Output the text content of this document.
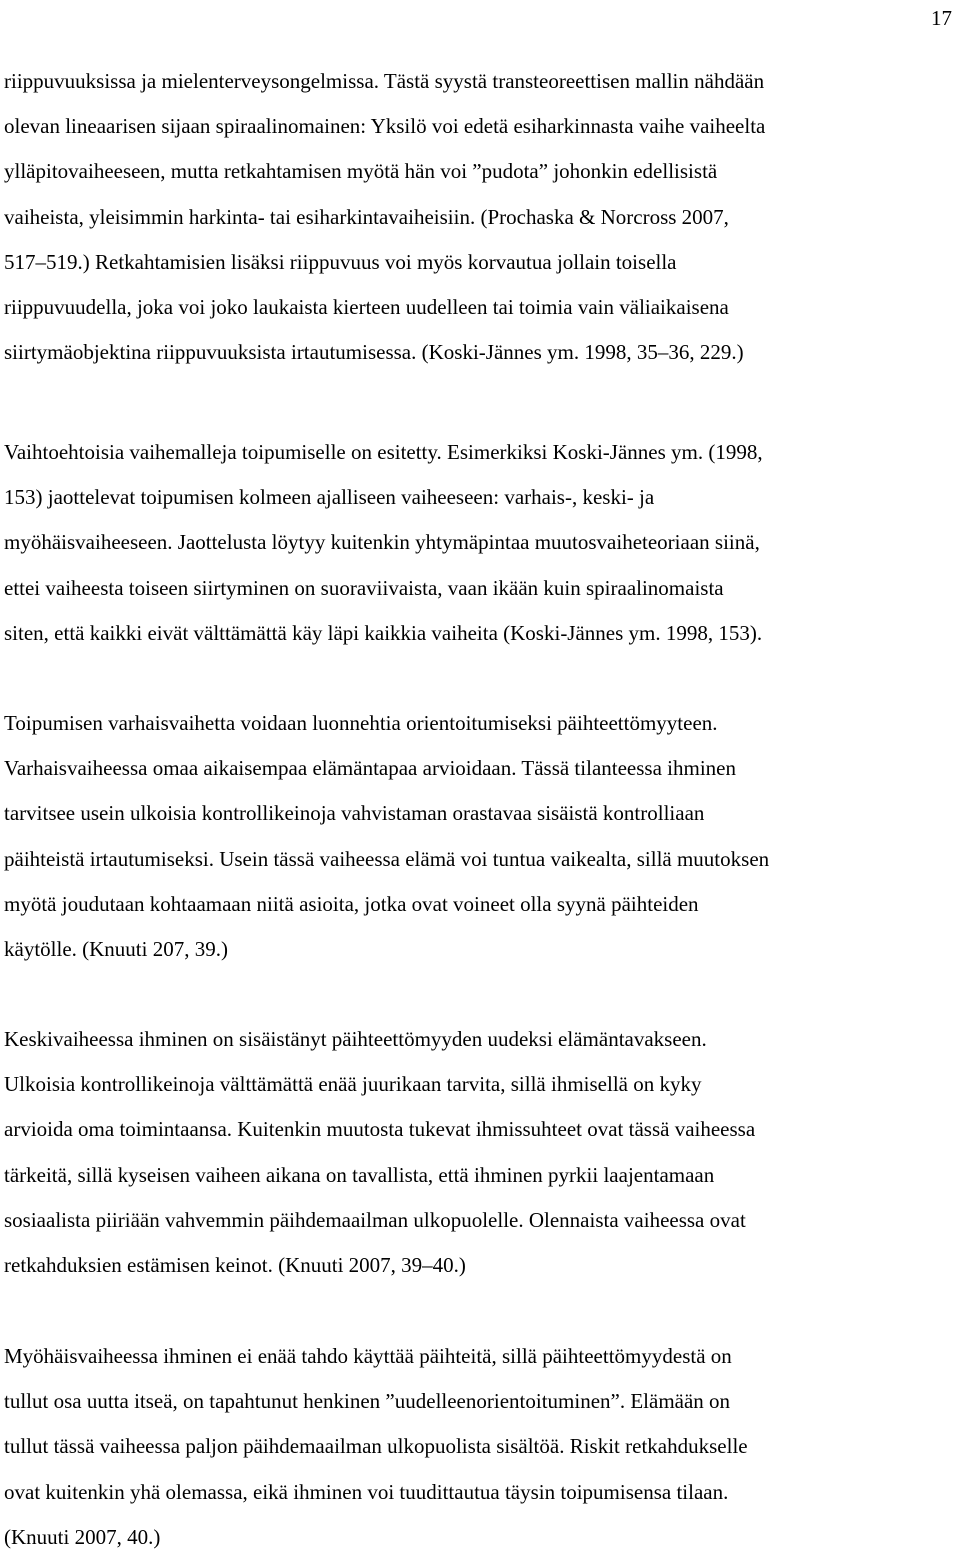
17
riippuvuuksissa ja mielenterveysongelmissa. Tästä syystä transteoreettisen mallin nähdään
olevan lineaarisen sijaan spiraalinomainen: Yksilö voi edetä esiharkinnasta vaihe vaiheelta
ylläpitovaiheeseen, mutta retkahtamisen myötä hän voi ”pudota” johonkin edellisistä
vaiheista, yleisimmin harkinta- tai esiharkintavaiheisiin. (Prochaska & Norcross 2007,
517–519.) Retkahtamisien lisäksi riippuvuus voi myös korvautua jollain toisella
riippuvuudella, joka voi joko laukaista kierteen uudelleen tai toimia vain väliaikaisena
siirtymäobjektina riippuvuuksista irtautumisessa. (Koski-Jännes ym. 1998, 35–36, 229.)
Vaihtoehtoisia vaihemalleja toipumiselle on esitetty. Esimerkiksi Koski-Jännes ym. (1998,
153) jaottelevat toipumisen kolmeen ajalliseen vaiheeseen: varhais-, keski- ja
myöhäisvaiheeseen. Jaottelusta löytyy kuitenkin yhtymäpintaa muutosvaiheteoriaan siinä,
ettei vaiheesta toiseen siirtyminen on suoraviivaista, vaan ikään kuin spiraalinomaista
siten, että kaikki eivät välttämättä käy läpi kaikkia vaiheita (Koski-Jännes ym. 1998, 153).
Toipumisen varhaisvaihetta voidaan luonnehtia orientoitumiseksi päihteettömyyteen.
Varhaisvaiheessa omaa aikaisempaa elämäntapaa arvioidaan. Tässä tilanteessa ihminen
tarvitsee usein ulkoisia kontrollikeinoja vahvistaman orastavaa sisäistä kontrolliaan
päihteistä irtautumiseksi. Usein tässä vaiheessa elämä voi tuntua vaikealta, sillä muutoksen
myötä joudutaan kohtaamaan niitä asioita, jotka ovat voineet olla syynä päihteiden
käytölle. (Knuuti 207, 39.)
Keskivaiheessa ihminen on sisäistänyt päihteettömyyden uudeksi elämäntavakseen.
Ulkoisia kontrollikeinoja välttämättä enää juurikaan tarvita, sillä ihmisellä on kyky
arvioida oma toimintaansa. Kuitenkin muutosta tukevat ihmissuhteet ovat tässä vaiheessa
tärkeitä, sillä kyseisen vaiheen aikana on tavallista, että ihminen pyrkii laajentamaan
sosiaalista piiriään vahvemmin päihdemaailman ulkopuolelle. Olennaista vaiheessa ovat
retkahduksien estämisen keinot. (Knuuti 2007, 39–40.)
Myöhäisvaiheessa ihminen ei enää tahdo käyttää päihteitä, sillä päihteettömyydestä on
tullut osa uutta itseä, on tapahtunut henkinen ”uudelleenorientoituminen”. Elämään on
tullut tässä vaiheessa paljon päihdemaailman ulkopuolista sisältöä. Riskit retkahdukselle
ovat kuitenkin yhä olemassa, eikä ihminen voi tuudittautua täysin toipumisensa tilaan.
(Knuuti 2007, 40.)
